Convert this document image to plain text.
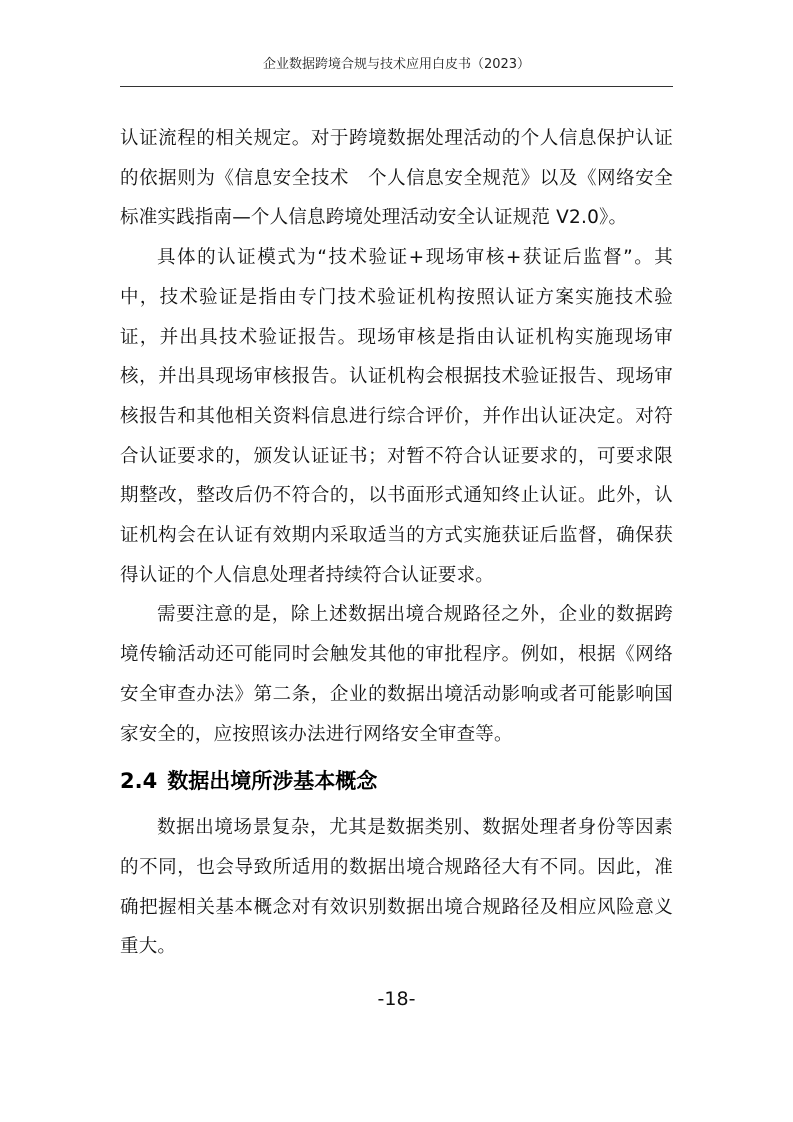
企业数据跨境合规与技术应用白皮书（2023）

认证流程的相关规定。对于跨境数据处理活动的个人信息保护认证的依据则为《信息安全技术　个人信息安全规范》以及《网络安全标准实践指南—个人信息跨境处理活动安全认证规范 V2.0》。

具体的认证模式为“技术验证+现场审核+获证后监督”。其中，技术验证是指由专门技术验证机构按照认证方案实施技术验证，并出具技术验证报告。现场审核是指由认证机构实施现场审核，并出具现场审核报告。认证机构会根据技术验证报告、现场审核报告和其他相关资料信息进行综合评价，并作出认证决定。对符合认证要求的，颁发认证证书；对暂不符合认证要求的，可要求限期整改，整改后仍不符合的，以书面形式通知终止认证。此外，认证机构会在认证有效期内采取适当的方式实施获证后监督，确保获得认证的个人信息处理者持续符合认证要求。

需要注意的是，除上述数据出境合规路径之外，企业的数据跨境传输活动还可能同时会触发其他的审批程序。例如，根据《网络安全审查办法》第二条，企业的数据出境活动影响或者可能影响国家安全的，应按照该办法进行网络安全审查等。

2.4 数据出境所涉基本概念

数据出境场景复杂，尤其是数据类别、数据处理者身份等因素的不同，也会导致所适用的数据出境合规路径大有不同。因此，准确把握相关基本概念对有效识别数据出境合规路径及相应风险意义重大。

-18-
